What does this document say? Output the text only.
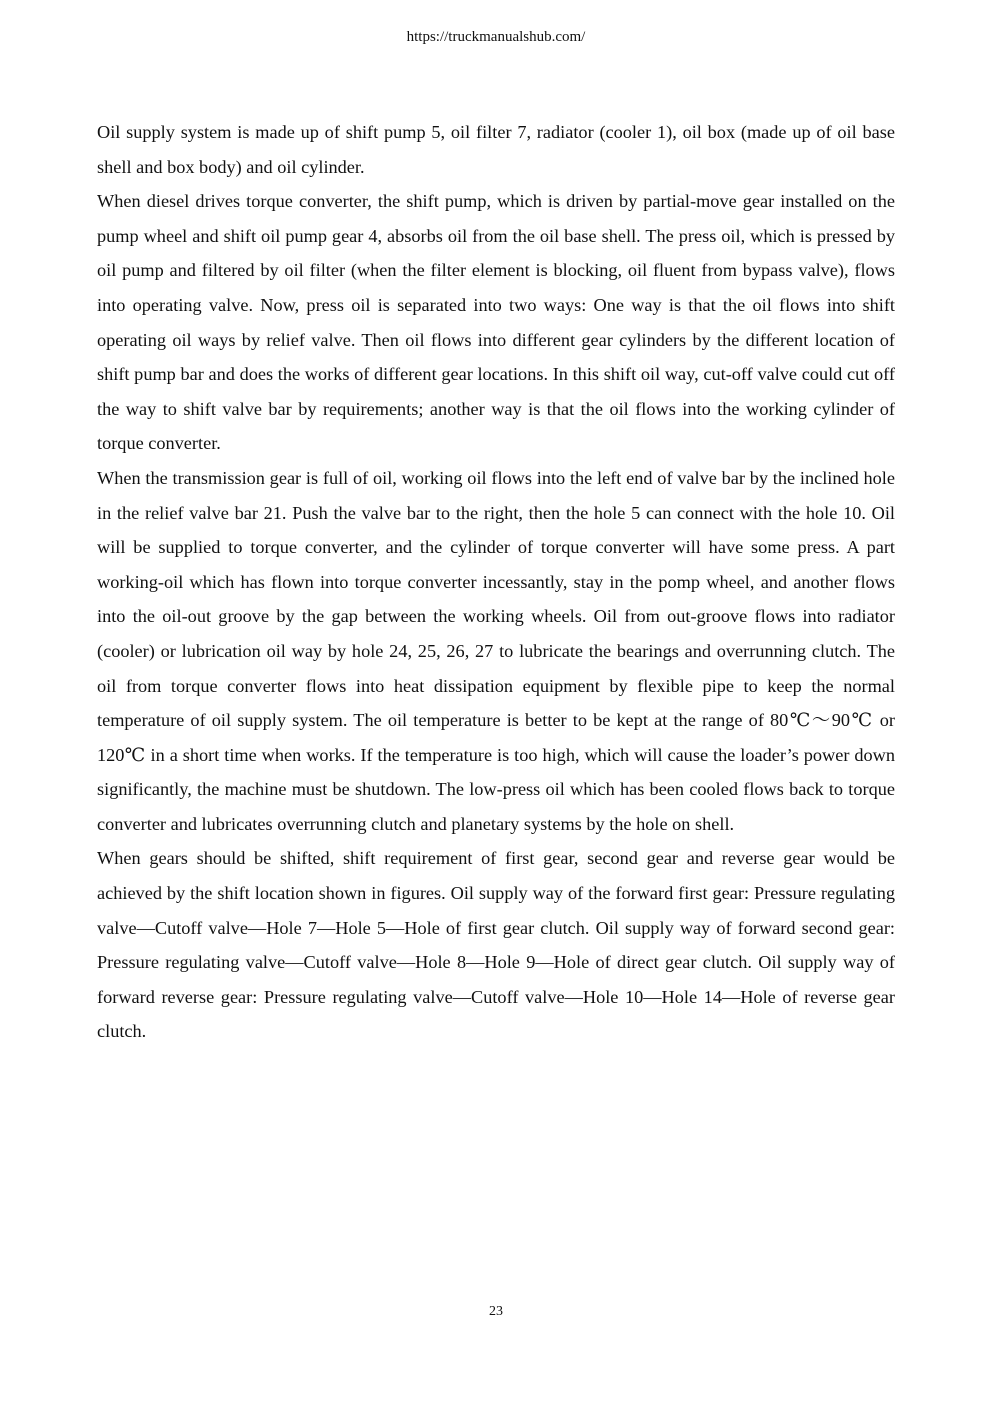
https://truckmanualshub.com/

Oil supply system is made up of shift pump 5, oil filter 7, radiator (cooler 1), oil box (made up of oil base shell and box body) and oil cylinder.

When diesel drives torque converter, the shift pump, which is driven by partial-move gear installed on the pump wheel and shift oil pump gear 4, absorbs oil from the oil base shell. The press oil, which is pressed by oil pump and filtered by oil filter (when the filter element is blocking, oil fluent from bypass valve), flows into operating valve. Now, press oil is separated into two ways: One way is that the oil flows into shift operating oil ways by relief valve. Then oil flows into different gear cylinders by the different location of shift pump bar and does the works of different gear locations. In this shift oil way, cut-off valve could cut off the way to shift valve bar by requirements; another way is that the oil flows into the working cylinder of torque converter.

When the transmission gear is full of oil, working oil flows into the left end of valve bar by the inclined hole in the relief valve bar 21. Push the valve bar to the right, then the hole 5 can connect with the hole 10. Oil will be supplied to torque converter, and the cylinder of torque converter will have some press. A part working-oil which has flown into torque converter incessantly, stay in the pomp wheel, and another flows into the oil-out groove by the gap between the working wheels. Oil from out-groove flows into radiator (cooler) or lubrication oil way by hole 24, 25, 26, 27 to lubricate the bearings and overrunning clutch. The oil from torque converter flows into heat dissipation equipment by flexible pipe to keep the normal temperature of oil supply system. The oil temperature is better to be kept at the range of 80℃～90℃ or 120℃ in a short time when works. If the temperature is too high, which will cause the loader’s power down significantly, the machine must be shutdown. The low-press oil which has been cooled flows back to torque converter and lubricates overrunning clutch and planetary systems by the hole on shell.

When gears should be shifted, shift requirement of first gear, second gear and reverse gear would be achieved by the shift location shown in figures. Oil supply way of the forward first gear: Pressure regulating valve—Cutoff valve—Hole 7—Hole 5—Hole of first gear clutch. Oil supply way of forward second gear: Pressure regulating valve—Cutoff valve—Hole 8—Hole 9—Hole of direct gear clutch. Oil supply way of forward reverse gear: Pressure regulating valve—Cutoff valve—Hole 10—Hole 14—Hole of reverse gear clutch.

23
